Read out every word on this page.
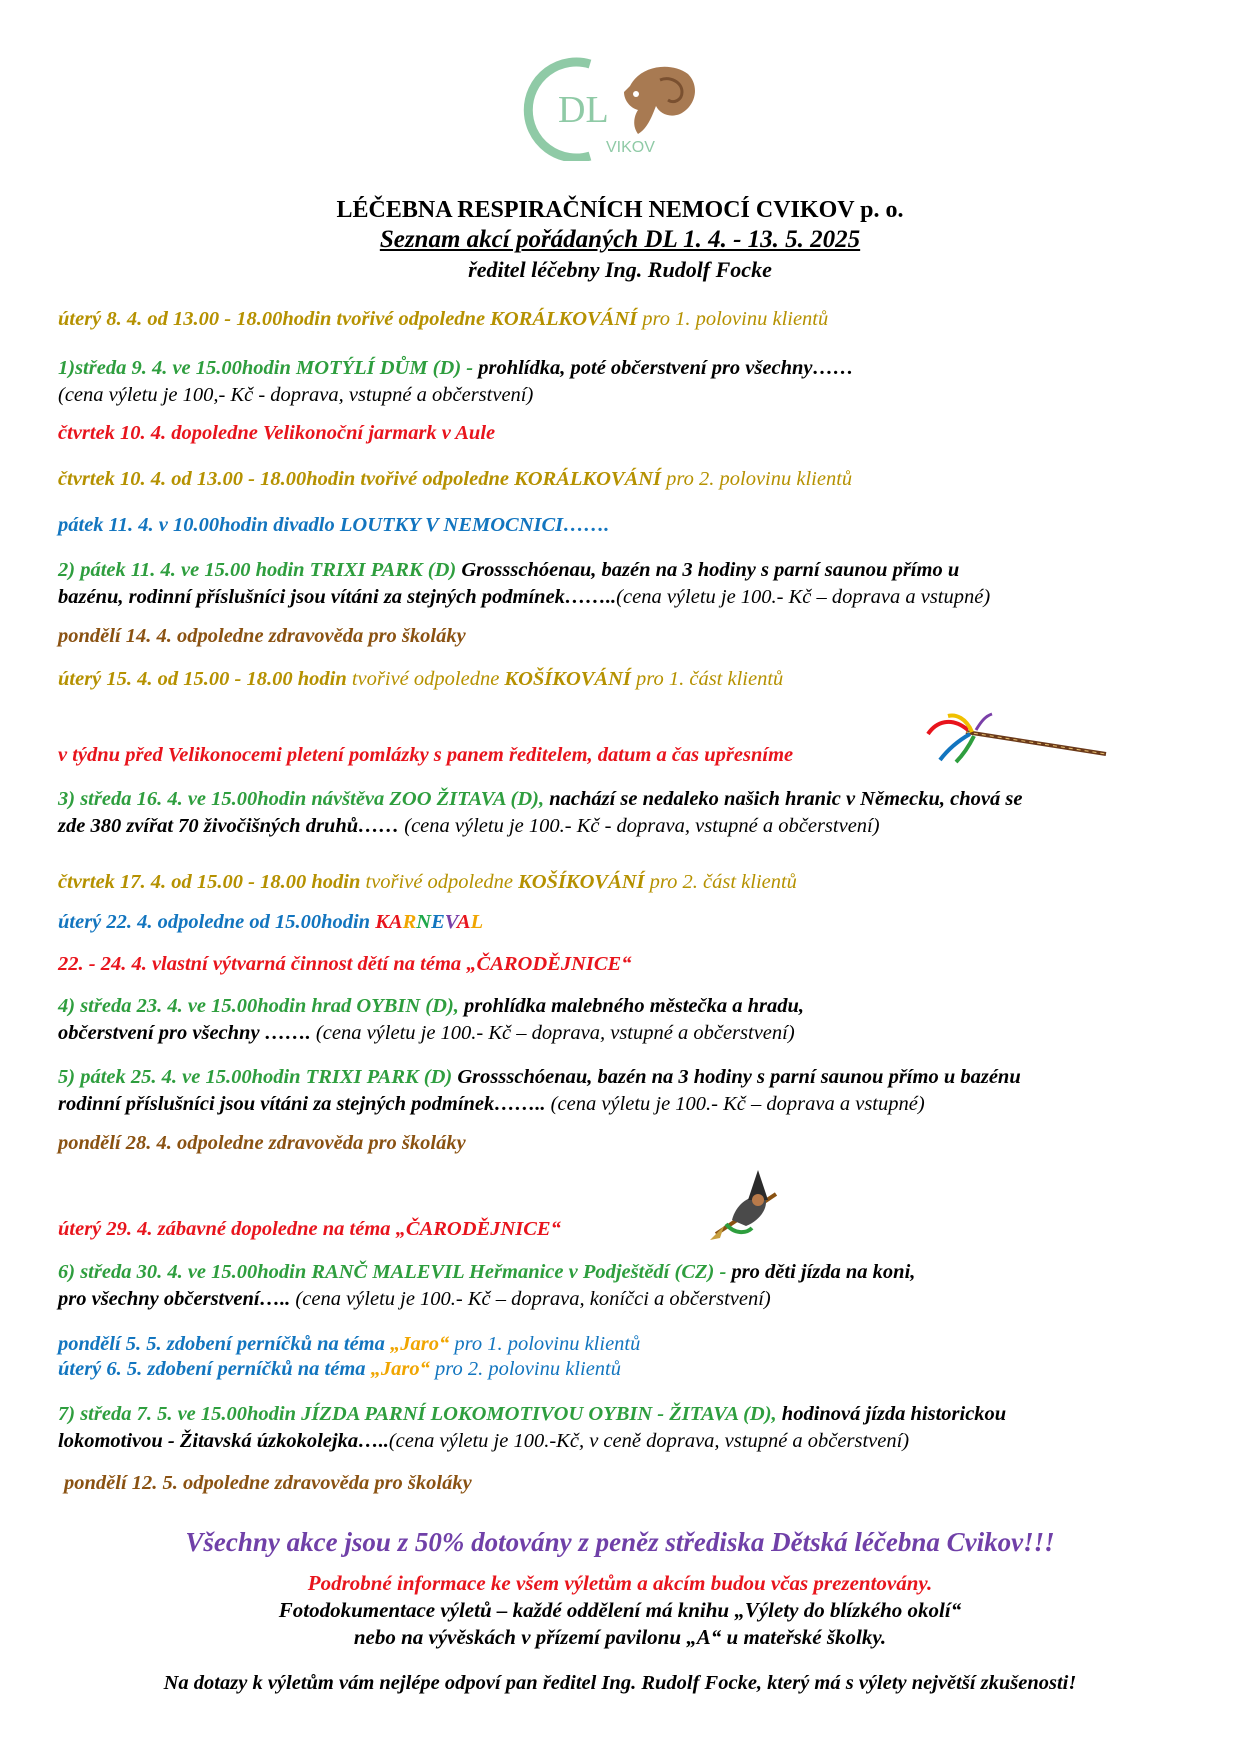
DL
VIKOV
LÉČEBNA RESPIRAČNÍCH NEMOCÍ CVIKOV p. o.
Seznam akcí pořádaných DL 1. 4. - 13. 5. 2025
ředitel léčebny Ing. Rudolf Focke
úterý 8. 4. od 13.00 - 18.00hodin tvořivé odpoledne KORÁLKOVÁNÍ pro 1. polovinu klientů
1)středa 9. 4. ve 15.00hodin MOTÝLÍ DŮM (D) - prohlídka, poté občerstvení pro všechny……
(cena výletu je 100,- Kč - doprava, vstupné a občerstvení)
čtvrtek 10. 4. dopoledne Velikonoční jarmark v Aule
čtvrtek 10. 4. od 13.00 - 18.00hodin tvořivé odpoledne KORÁLKOVÁNÍ pro 2. polovinu klientů
pátek 11. 4. v 10.00hodin divadlo LOUTKY V NEMOCNICI…….
2) pátek 11. 4. ve 15.00 hodin TRIXI PARK (D) Grossschóenau, bazén na 3 hodiny s parní saunou přímo u
bazénu, rodinní příslušníci jsou vítáni za stejných podmínek……..(cena výletu je 100.- Kč – doprava a vstupné)
pondělí 14. 4. odpoledne zdravověda pro školáky
úterý 15. 4. od 15.00 - 18.00 hodin tvořivé odpoledne KOŠÍKOVÁNÍ pro 1. část klientů
v týdnu před Velikonocemi pletení pomlázky s panem ředitelem, datum a čas upřesníme
3) středa 16. 4. ve 15.00hodin návštěva ZOO ŽITAVA (D), nachází se nedaleko našich hranic v Německu, chová se
zde 380 zvířat 70 živočišných druhů…… (cena výletu je 100.- Kč - doprava, vstupné a občerstvení)
čtvrtek 17. 4. od 15.00 - 18.00 hodin tvořivé odpoledne KOŠÍKOVÁNÍ pro 2. část klientů
úterý 22. 4. odpoledne od 15.00hodin KARNEVAL
22. - 24. 4. vlastní výtvarná činnost dětí na téma „ČARODĚJNICE“
4) středa 23. 4. ve 15.00hodin hrad OYBIN (D), prohlídka malebného městečka a hradu,
občerstvení pro všechny ……. (cena výletu je 100.- Kč – doprava, vstupné a občerstvení)
5) pátek 25. 4. ve 15.00hodin TRIXI PARK (D) Grossschóenau, bazén na 3 hodiny s parní saunou přímo u bazénu
rodinní příslušníci jsou vítáni za stejných podmínek…….. (cena výletu je 100.- Kč – doprava a vstupné)
pondělí 28. 4. odpoledne zdravověda pro školáky
úterý 29. 4. zábavné dopoledne na téma „ČARODĚJNICE“
6) středa 30. 4. ve 15.00hodin RANČ MALEVIL Heřmanice v Podještědí (CZ) - pro děti jízda na koni,
pro všechny občerstvení….. (cena výletu je 100.- Kč – doprava, koníčci a občerstvení)
pondělí 5. 5. zdobení perníčků na téma „Jaro“ pro 1. polovinu klientů
úterý 6. 5. zdobení perníčků na téma „Jaro“ pro 2. polovinu klientů
7) středa 7. 5. ve 15.00hodin JÍZDA PARNÍ LOKOMOTIVOU OYBIN - ŽITAVA (D), hodinová jízda historickou
lokomotivou - Žitavská úzkokolejka…..(cena výletu je 100.-Kč, v ceně doprava, vstupné a občerstvení)
pondělí 12. 5. odpoledne zdravověda pro školáky
Všechny akce jsou z 50% dotovány z peněz střediska Dětská léčebna Cvikov!!!
Podrobné informace ke všem výletům a akcím budou včas prezentovány.
Fotodokumentace výletů – každé oddělení má knihu „Výlety do blízkého okolí“
nebo na vývěskách v přízemí pavilonu „A“ u mateřské školky.
Na dotazy k výletům vám nejlépe odpoví pan ředitel Ing. Rudolf Focke, který má s výlety největší zkušenosti!
